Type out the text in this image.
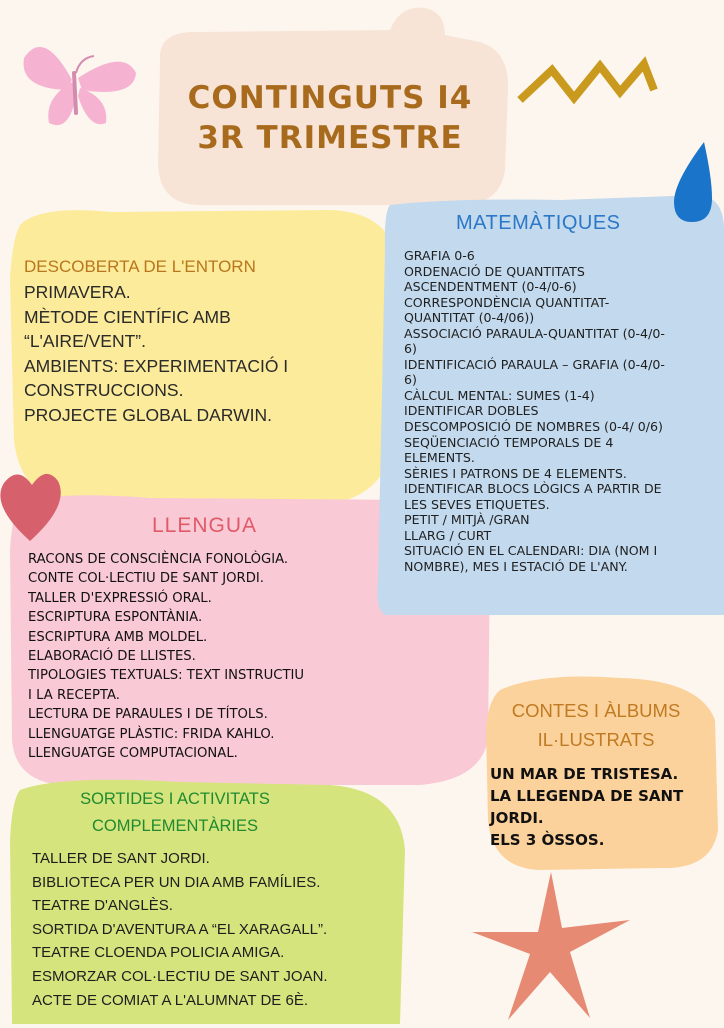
CONTINGUTS I4
3R TRIMESTRE
DESCOBERTA DE L'ENTORN
PRIMAVERA.
MÈTODE CIENTÍFIC AMB
“L'AIRE/VENT”.
AMBIENTS: EXPERIMENTACIÓ I
CONSTRUCCIONS.
PROJECTE GLOBAL DARWIN.
MATEMÀTIQUES
GRAFIA 0-6
ORDENACIÓ DE QUANTITATS
ASCENDENTMENT (0-4/0-6)
CORRESPONDÈNCIA QUANTITAT-
QUANTITAT (0-4/06))
ASSOCIACIÓ PARAULA-QUANTITAT (0-4/0-
6)
IDENTIFICACIÓ PARAULA – GRAFIA (0-4/0-
6)
CÀLCUL MENTAL: SUMES (1-4)
IDENTIFICAR DOBLES
DESCOMPOSICIÓ DE NOMBRES (0-4/ 0/6)
SEQÜENCIACIÓ TEMPORALS DE 4
ELEMENTS.
SÈRIES I PATRONS DE 4 ELEMENTS.
IDENTIFICAR BLOCS LÒGICS A PARTIR DE
LES SEVES ETIQUETES.
PETIT / MITJÀ /GRAN
LLARG / CURT
SITUACIÓ EN EL CALENDARI: DIA (NOM I
NOMBRE), MES I ESTACIÓ DE L'ANY.
LLENGUA
RACONS DE CONSCIÈNCIA FONOLÒGIA.
CONTE COL·LECTIU DE SANT JORDI.
TALLER D'EXPRESSIÓ ORAL.
ESCRIPTURA ESPONTÀNIA.
ESCRIPTURA AMB MOLDEL.
ELABORACIÓ DE LLISTES.
TIPOLOGIES TEXTUALS: TEXT INSTRUCTIU
I LA RECEPTA.
LECTURA DE PARAULES I DE TÍTOLS.
LLENGUATGE PLÀSTIC: FRIDA KAHLO.
LLENGUATGE COMPUTACIONAL.
CONTES I ÀLBUMS
IL·LUSTRATS
UN MAR DE TRISTESA.
LA LLEGENDA DE SANT
JORDI.
ELS 3 ÒSSOS.
SORTIDES I ACTIVITATS
COMPLEMENTÀRIES
TALLER DE SANT JORDI.
BIBLIOTECA PER UN DIA AMB FAMÍLIES.
TEATRE D'ANGLÈS.
SORTIDA D'AVENTURA A “EL XARAGALL”.
TEATRE CLOENDA POLICIA AMIGA.
ESMORZAR COL·LECTIU DE SANT JOAN.
ACTE DE COMIAT A L'ALUMNAT DE 6È.
